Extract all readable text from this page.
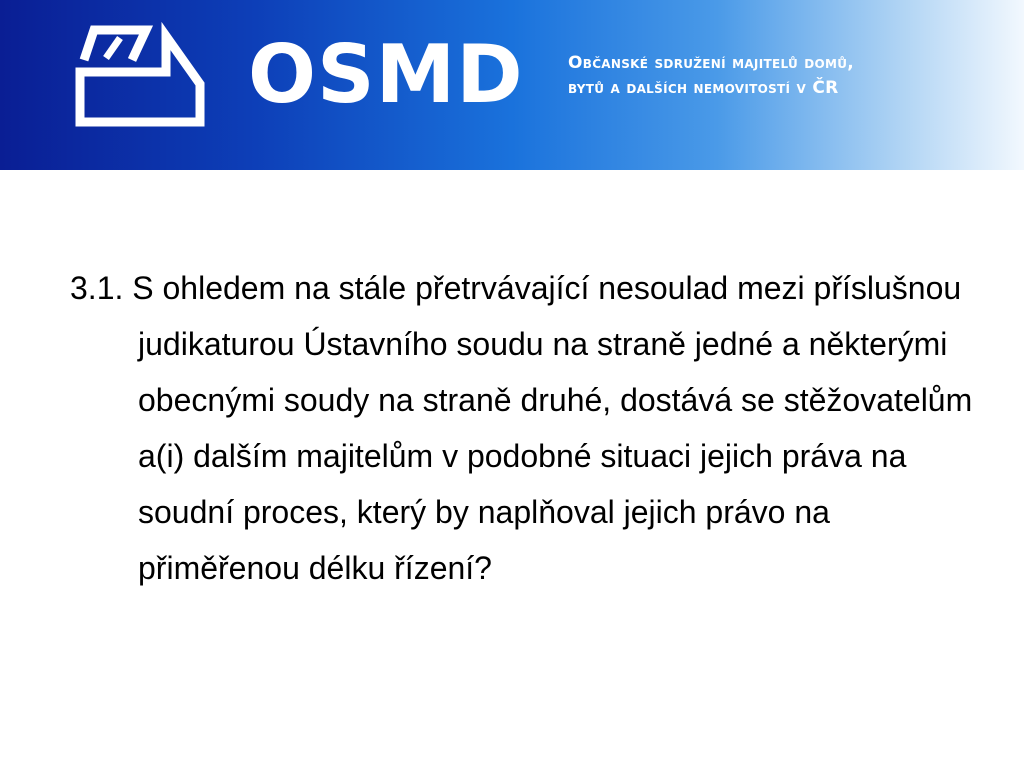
OSMD	Občanské sdružení majitelů domů,
bytů a dalších nemovitostí v ČR

3.1. S ohledem na stále přetrvávající nesoulad mezi příslušnou judikaturou Ústavního soudu na straně jedné a některými obecnými soudy na straně druhé, dostává se stěžovatelům a(i) dalším majitelům v podobné situaci jejich práva na soudní proces, který by naplňoval jejich právo na přiměřenou délku řízení?
